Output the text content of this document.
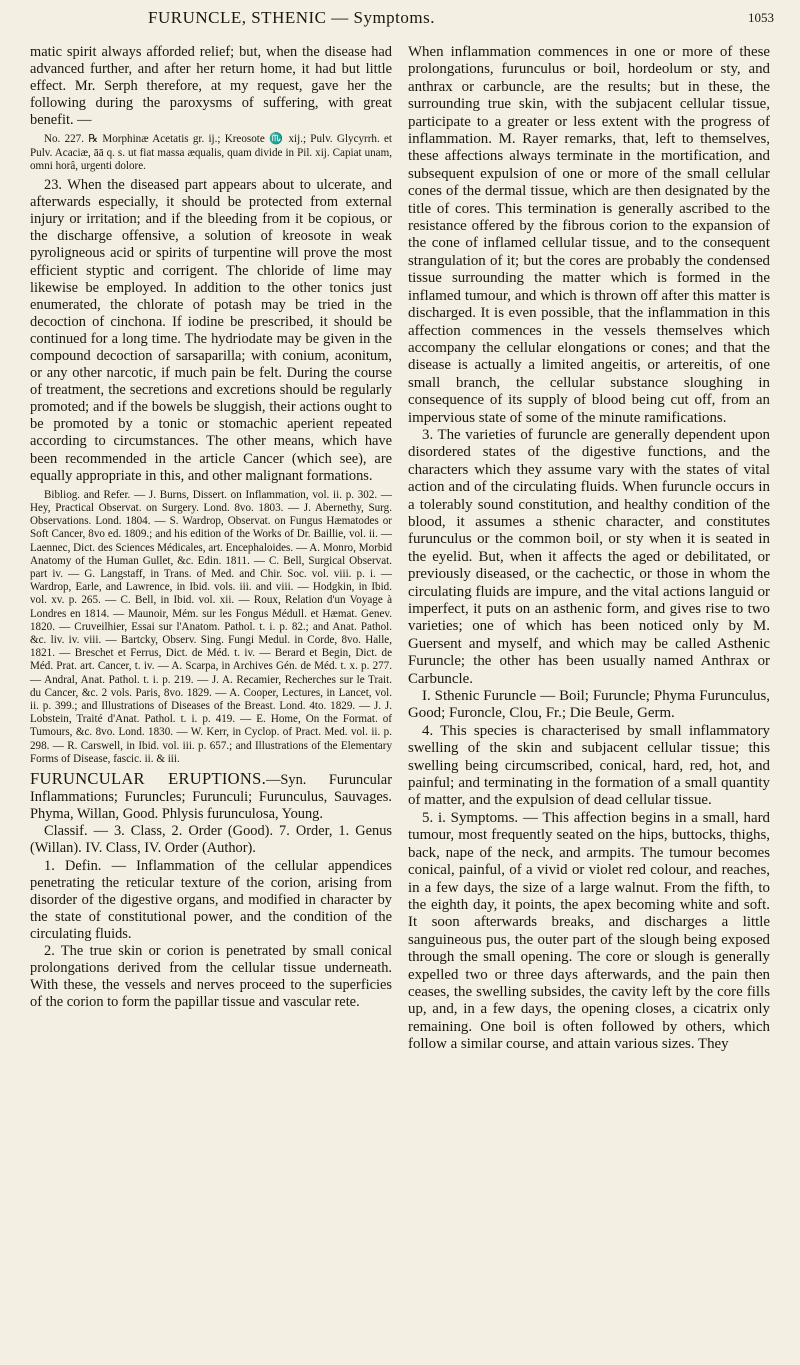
FURUNCLE, STHENIC — Symptoms.	1053

matic spirit always afforded relief; but, when the disease had advanced further, and after her return home, it had but little effect. Mr. Serph therefore, at my request, gave her the following during the paroxysms of suffering, with great benefit. —

No. 227. ℞ Morphinæ Acetatis gr. ij.; Kreosote ♏ xij.; Pulv. Glycyrrh. et Pulv. Acaciæ, āā q. s. ut fiat massa æqualis, quam divide in Pil. xij. Capiat unam, omni horâ, urgenti dolore.

23. When the diseased part appears about to ulcerate, and afterwards especially, it should be protected from external injury or irritation; and if the bleeding from it be copious, or the discharge offensive, a solution of kreosote in weak pyroligneous acid or spirits of turpentine will prove the most efficient styptic and corrigent. The chloride of lime may likewise be employed. In addition to the other tonics just enumerated, the chlorate of potash may be tried in the decoction of cinchona. If iodine be prescribed, it should be continued for a long time. The hydriodate may be given in the compound decoction of sarsaparilla; with conium, aconitum, or any other narcotic, if much pain be felt. During the course of treatment, the secretions and excretions should be regularly promoted; and if the bowels be sluggish, their actions ought to be promoted by a tonic or stomachic aperient repeated according to circumstances. The other means, which have been recommended in the article Cancer (which see), are equally appropriate in this, and other malignant formations.

Bibliog. and Refer. — J. Burns, Dissert. on Inflammation, vol. ii. p. 302. — Hey, Practical Observat. on Surgery. Lond. 8vo. 1803. — J. Abernethy, Surg. Observations. Lond. 1804. — S. Wardrop, Observat. on Fungus Hæmatodes or Soft Cancer, 8vo ed. 1809.; and his edition of the Works of Dr. Baillie, vol. ii. — Laennec, Dict. des Sciences Médicales, art. Encephaloides. — A. Monro, Morbid Anatomy of the Human Gullet, &c. Edin. 1811. — C. Bell, Surgical Observat. part iv. — G. Langstaff, in Trans. of Med. and Chir. Soc. vol. viii. p. i. — Wardrop, Earle, and Lawrence, in Ibid. vols. iii. and viii. — Hodgkin, in Ibid. vol. xv. p. 265. — C. Bell, in Ibid. vol. xii. — Roux, Relation d'un Voyage à Londres en 1814. — Maunoir, Mém. sur les Fongus Médull. et Hæmat. Genev. 1820. — Cruveilhier, Essai sur l'Anatom. Pathol. t. i. p. 82.; and Anat. Pathol. &c. liv. iv. viii. — Bartcky, Observ. Sing. Fungi Medul. in Corde, 8vo. Halle, 1821. — Breschet et Ferrus, Dict. de Méd. t. iv. — Berard et Begin, Dict. de Méd. Prat. art. Cancer, t. iv. — A. Scarpa, in Archives Gén. de Méd. t. x. p. 277. — Andral, Anat. Pathol. t. i. p. 219. — J. A. Recamier, Recherches sur le Trait. du Cancer, &c. 2 vols. Paris, 8vo. 1829. — A. Cooper, Lectures, in Lancet, vol. ii. p. 399.; and Illustrations of Diseases of the Breast. Lond. 4to. 1829. — J. J. Lobstein, Traité d'Anat. Pathol. t. i. p. 419. — E. Home, On the Format. of Tumours, &c. 8vo. Lond. 1830. — W. Kerr, in Cyclop. of Pract. Med. vol. ii. p. 298. — R. Carswell, in Ibid. vol. iii. p. 657.; and Illustrations of the Elementary Forms of Disease, fascic. ii. & iii.

FURUNCULAR ERUPTIONS.—Syn. Furuncular Inflammations; Furuncles; Furunculi; Furunculus, Sauvages. Phyma, Willan, Good. Phlysis furunculosa, Young.

Classif. — 3. Class, 2. Order (Good). 7. Order, 1. Genus (Willan). IV. Class, IV. Order (Author).

1. Defin. — Inflammation of the cellular appendices penetrating the reticular texture of the corion, arising from disorder of the digestive organs, and modified in character by the state of constitutional power, and the condition of the circulating fluids.

2. The true skin or corion is penetrated by small conical prolongations derived from the cellular tissue underneath. With these, the vessels and nerves proceed to the superficies of the corion to form the papillar tissue and vascular rete.

When inflammation commences in one or more of these prolongations, furunculus or boil, hordeolum or sty, and anthrax or carbuncle, are the results; but in these, the surrounding true skin, with the subjacent cellular tissue, participate to a greater or less extent with the progress of inflammation. M. Rayer remarks, that, left to themselves, these affections always terminate in the mortification, and subsequent expulsion of one or more of the small cellular cones of the dermal tissue, which are then designated by the title of cores. This termination is generally ascribed to the resistance offered by the fibrous corion to the expansion of the cone of inflamed cellular tissue, and to the consequent strangulation of it; but the cores are probably the condensed tissue surrounding the matter which is formed in the inflamed tumour, and which is thrown off after this matter is discharged. It is even possible, that the inflammation in this affection commences in the vessels themselves which accompany the cellular elongations or cones; and that the disease is actually a limited angeitis, or artereitis, of one small branch, the cellular substance sloughing in consequence of its supply of blood being cut off, from an impervious state of some of the minute ramifications.

3. The varieties of furuncle are generally dependent upon disordered states of the digestive functions, and the characters which they assume vary with the states of vital action and of the circulating fluids. When furuncle occurs in a tolerably sound constitution, and healthy condition of the blood, it assumes a sthenic character, and constitutes furunculus or the common boil, or sty when it is seated in the eyelid. But, when it affects the aged or debilitated, or previously diseased, or the cachectic, or those in whom the circulating fluids are impure, and the vital actions languid or imperfect, it puts on an asthenic form, and gives rise to two varieties; one of which has been noticed only by M. Guersent and myself, and which may be called Asthenic Furuncle; the other has been usually named Anthrax or Carbuncle.

I. Sthenic Furuncle — Boil; Furuncle; Phyma Furunculus, Good; Furoncle, Clou, Fr.; Die Beule, Germ.

4. This species is characterised by small inflammatory swelling of the skin and subjacent cellular tissue; this swelling being circumscribed, conical, hard, red, hot, and painful; and terminating in the formation of a small quantity of matter, and the expulsion of dead cellular tissue.

5. i. Symptoms. — This affection begins in a small, hard tumour, most frequently seated on the hips, buttocks, thighs, back, nape of the neck, and armpits. The tumour becomes conical, painful, of a vivid or violet red colour, and reaches, in a few days, the size of a large walnut. From the fifth, to the eighth day, it points, the apex becoming white and soft. It soon afterwards breaks, and discharges a little sanguineous pus, the outer part of the slough being exposed through the small opening. The core or slough is generally expelled two or three days afterwards, and the pain then ceases, the swelling subsides, the cavity left by the core fills up, and, in a few days, the opening closes, a cicatrix only remaining. One boil is often followed by others, which follow a similar course, and attain various sizes. They
